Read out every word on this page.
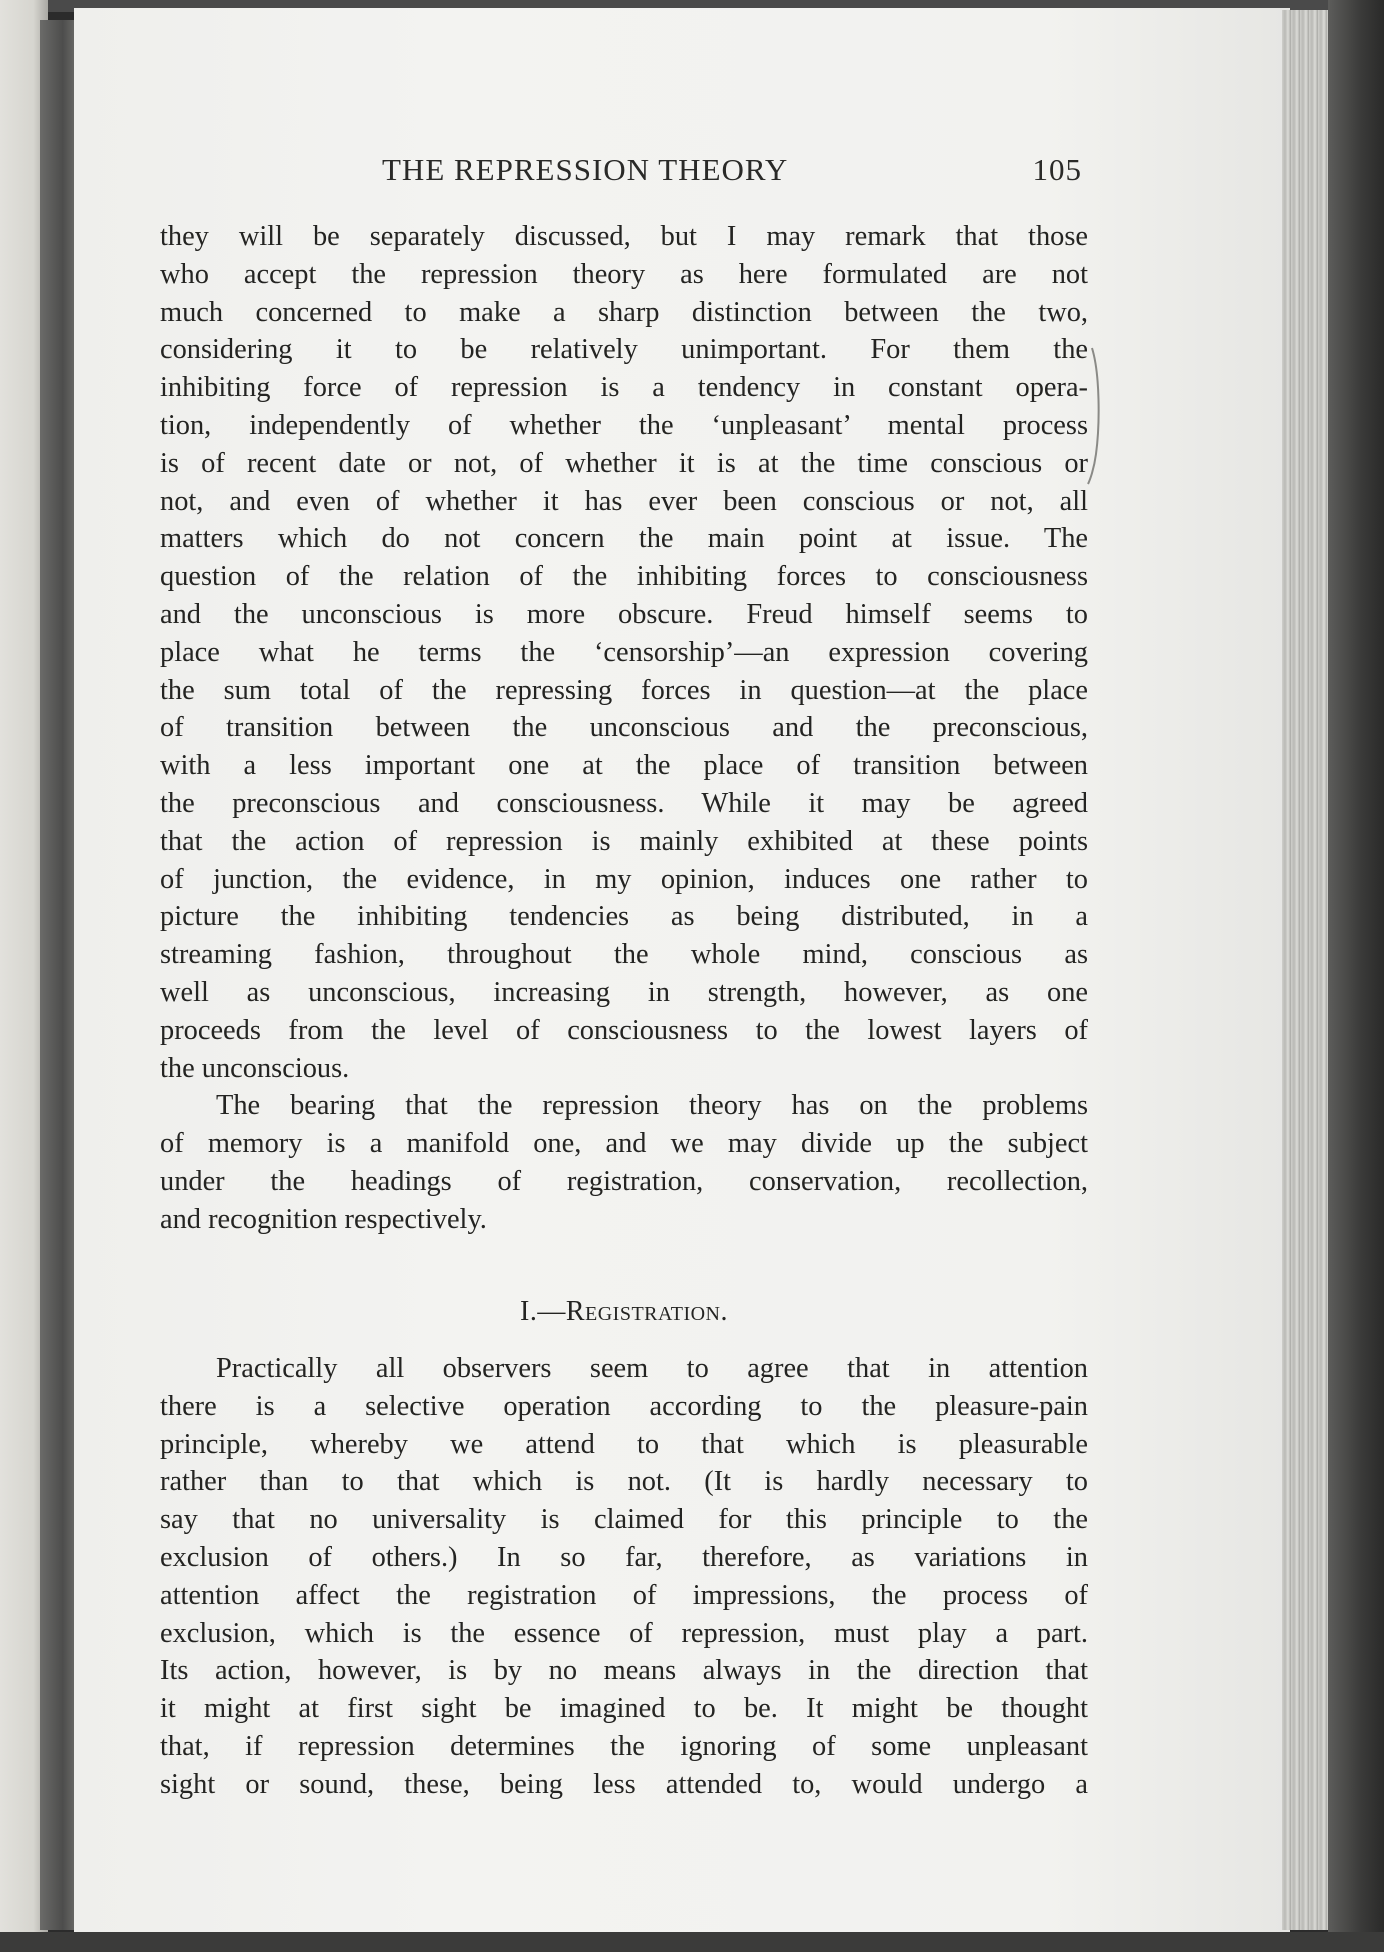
THE REPRESSION THEORY	105
they will be separately discussed, but I may remark that those
who accept the repression theory as here formulated are not
much concerned to make a sharp distinction between the two,
considering it to be relatively unimportant. For them the
inhibiting force of repression is a tendency in constant opera-
tion, independently of whether the ‘unpleasant’ mental process
is of recent date or not, of whether it is at the time conscious or
not, and even of whether it has ever been conscious or not, all
matters which do not concern the main point at issue. The
question of the relation of the inhibiting forces to consciousness
and the unconscious is more obscure. Freud himself seems to
place what he terms the ‘censorship’—an expression covering
the sum total of the repressing forces in question—at the place
of transition between the unconscious and the preconscious,
with a less important one at the place of transition between
the preconscious and consciousness. While it may be agreed
that the action of repression is mainly exhibited at these points
of junction, the evidence, in my opinion, induces one rather to
picture the inhibiting tendencies as being distributed, in a
streaming fashion, throughout the whole mind, conscious as
well as unconscious, increasing in strength, however, as one
proceeds from the level of consciousness to the lowest layers of
the unconscious.
The bearing that the repression theory has on the problems
of memory is a manifold one, and we may divide up the subject
under the headings of registration, conservation, recollection,
and recognition respectively.
I.—Registration.
Practically all observers seem to agree that in attention
there is a selective operation according to the pleasure-pain
principle, whereby we attend to that which is pleasurable
rather than to that which is not. (It is hardly necessary to
say that no universality is claimed for this principle to the
exclusion of others.) In so far, therefore, as variations in
attention affect the registration of impressions, the process of
exclusion, which is the essence of repression, must play a part.
Its action, however, is by no means always in the direction that
it might at first sight be imagined to be. It might be thought
that, if repression determines the ignoring of some unpleasant
sight or sound, these, being less attended to, would undergo a
